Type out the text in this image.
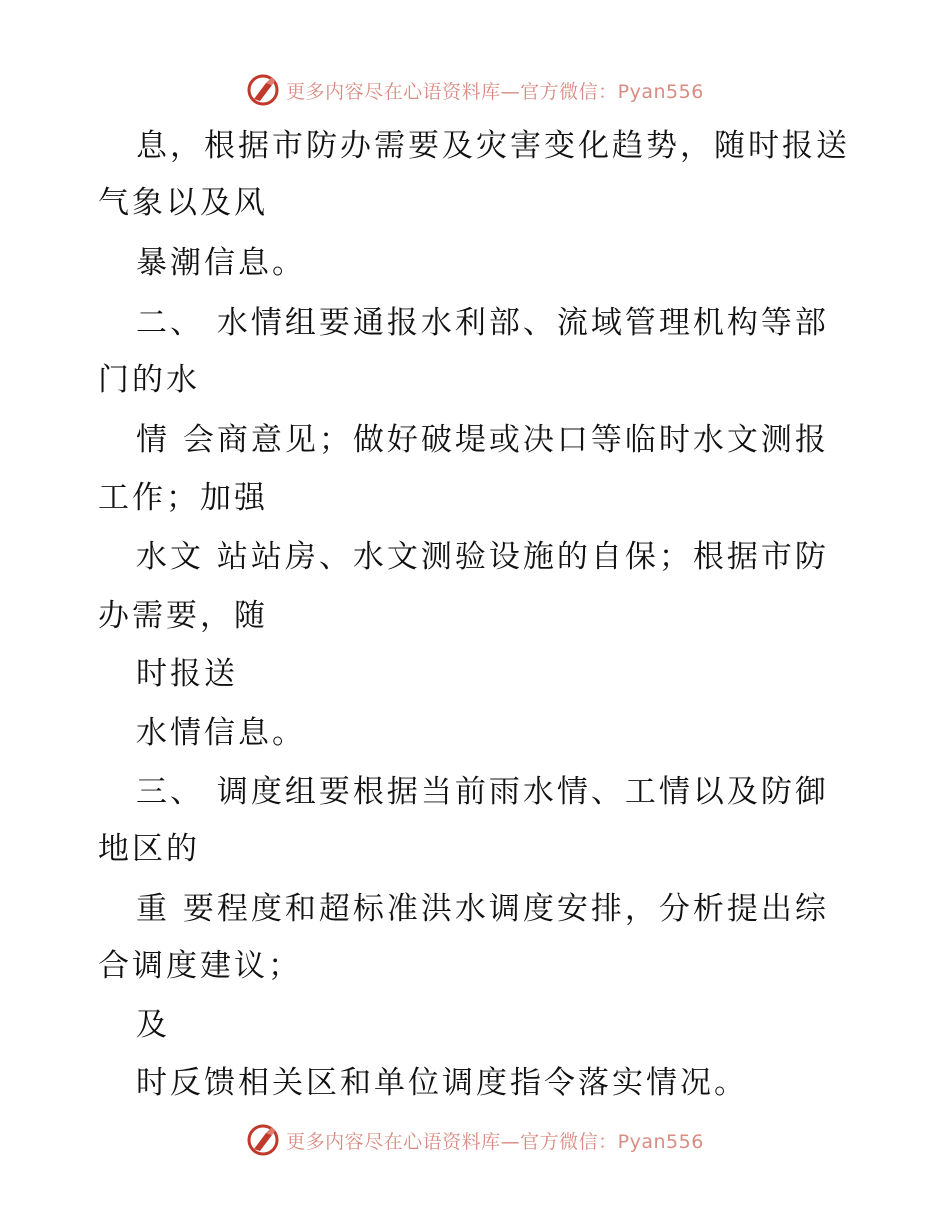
更多内容尽在心语资料库—官方微信：Pyan556
息，根据市防办需要及灾害变化趋势，随时报送
气象以及风
暴潮信息。
二、 水情组要通报水利部、流域管理机构等部
门的水
情 会商意见；做好破堤或决口等临时水文测报
工作；加强
水文 站站房、水文测验设施的自保；根据市防
办需要，随
时报送
水情信息。
三、 调度组要根据当前雨水情、工情以及防御
地区的
重 要程度和超标准洪水调度安排，分析提出综
合调度建议；
及
时反馈相关区和单位调度指令落实情况。
更多内容尽在心语资料库—官方微信：Pyan556
